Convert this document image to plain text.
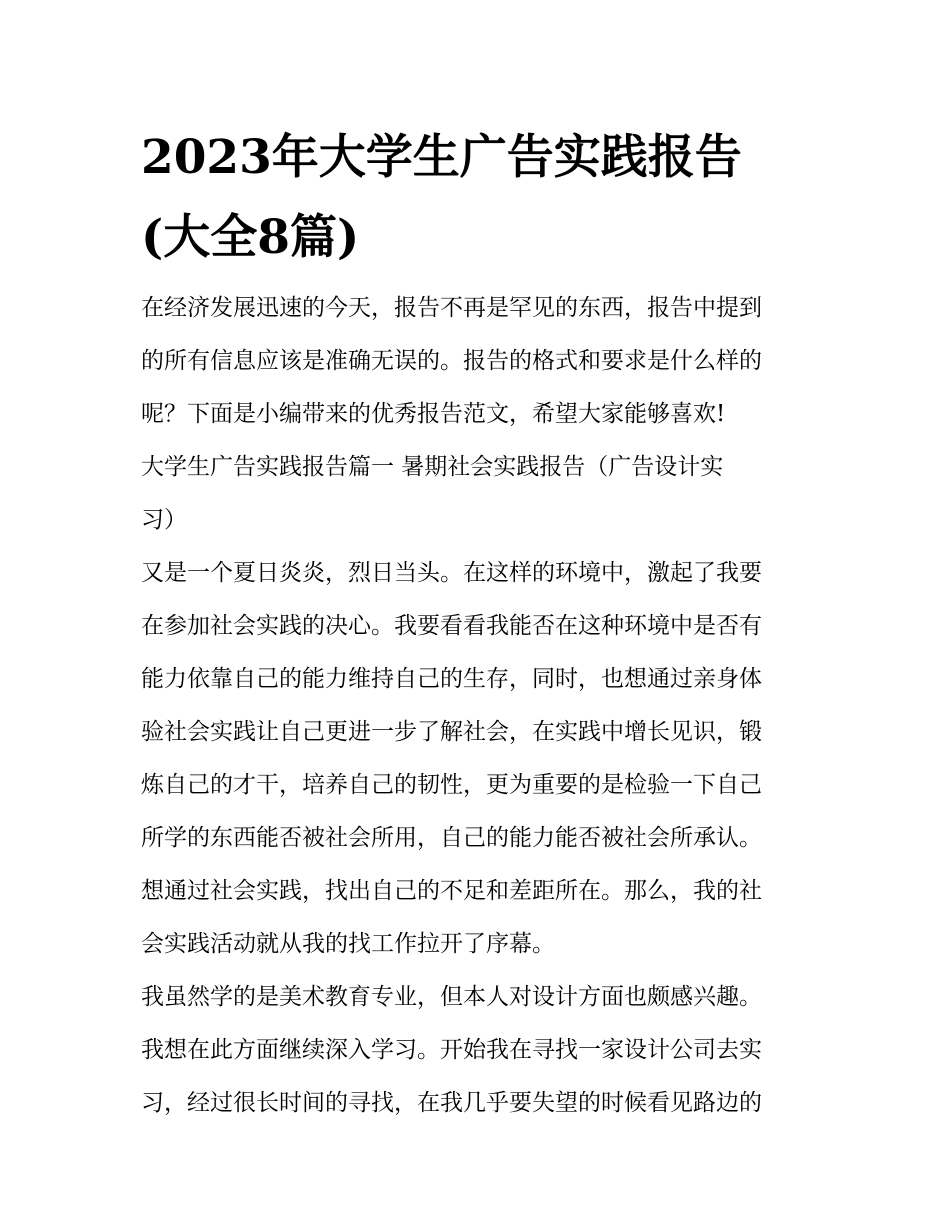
2023年大学生广告实践报告
(大全8篇)
在经济发展迅速的今天，报告不再是罕见的东西，报告中提到
的所有信息应该是准确无误的。报告的格式和要求是什么样的
呢？下面是小编带来的优秀报告范文，希望大家能够喜欢!
大学生广告实践报告篇一 暑期社会实践报告（广告设计实
习）
又是一个夏日炎炎，烈日当头。在这样的环境中，激起了我要
在参加社会实践的决心。我要看看我能否在这种环境中是否有
能力依靠自己的能力维持自己的生存，同时，也想通过亲身体
验社会实践让自己更进一步了解社会，在实践中增长见识，锻
炼自己的才干，培养自己的韧性，更为重要的是检验一下自己
所学的东西能否被社会所用，自己的能力能否被社会所承认。
想通过社会实践，找出自己的不足和差距所在。那么，我的社
会实践活动就从我的找工作拉开了序幕。
我虽然学的是美术教育专业，但本人对设计方面也颇感兴趣。
我想在此方面继续深入学习。开始我在寻找一家设计公司去实
习，经过很长时间的寻找，在我几乎要失望的时候看见路边的
